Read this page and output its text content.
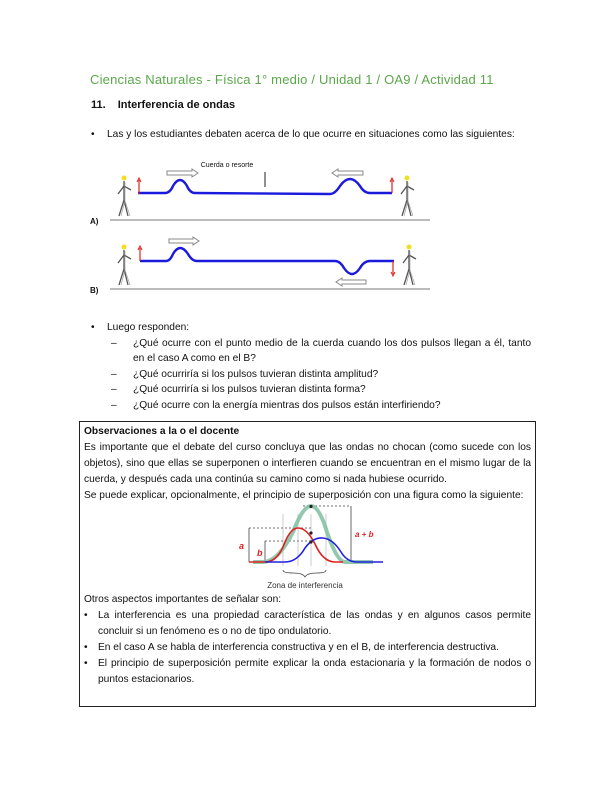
Ciencias Naturales - Física 1° medio / Unidad 1 / OA9 / Actividad 11
11. Interferencia de ondas
•	Las y los estudiantes debaten acerca de lo que ocurre en situaciones como las siguientes:
Cuerda o resorte
A)
B)
•	Luego responden:
–	¿Qué ocurre con el punto medio de la cuerda cuando los dos pulsos llegan a él, tanto en el caso A como en el B?
–	¿Qué ocurriría si los pulsos tuvieran distinta amplitud?
–	¿Qué ocurriría si los pulsos tuvieran distinta forma?
–	¿Qué ocurre con la energía mientras dos pulsos están interfiriendo?
Observaciones a la o el docente
Es importante que el debate del curso concluya que las ondas no chocan (como sucede con los objetos), sino que ellas se superponen o interfieren cuando se encuentran en el mismo lugar de la cuerda, y después cada una continúa su camino como si nada hubiese ocurrido.
Se puede explicar, opcionalmente, el principio de superposición con una figura como la siguiente:
a
b
a + b
Zona de interferencia
Otros aspectos importantes de señalar son:
•	La interferencia es una propiedad característica de las ondas y en algunos casos permite concluir si un fenómeno es o no de tipo ondulatorio.
•	En el caso A se habla de interferencia constructiva y en el B, de interferencia destructiva.
•	El principio de superposición permite explicar la onda estacionaria y la formación de nodos o puntos estacionarios.
